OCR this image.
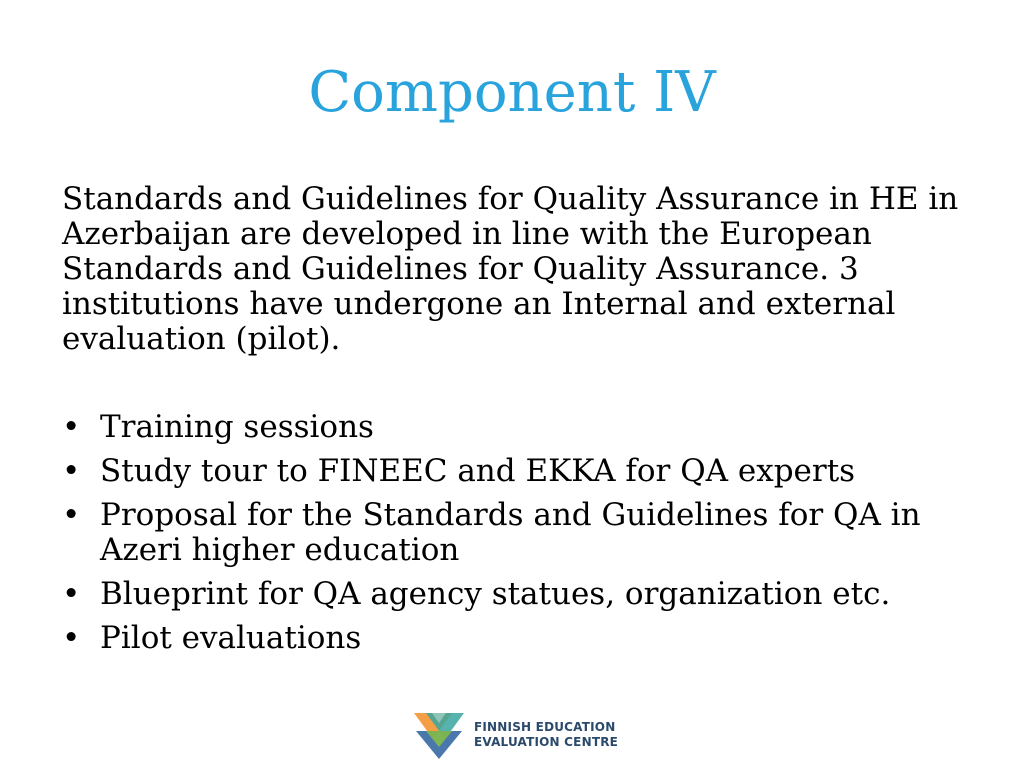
Component IV

Standards and Guidelines for Quality Assurance in HE in Azerbaijan are developed in line with the European Standards and Guidelines for Quality Assurance. 3 institutions have undergone an Internal and external evaluation (pilot).

• Training sessions
• Study tour to FINEEC and EKKA for QA experts
• Proposal for the Standards and Guidelines for QA in Azeri higher education
• Blueprint for QA agency statues, organization etc.
• Pilot evaluations
FINNISH EDUCATION
EVALUATION CENTRE
